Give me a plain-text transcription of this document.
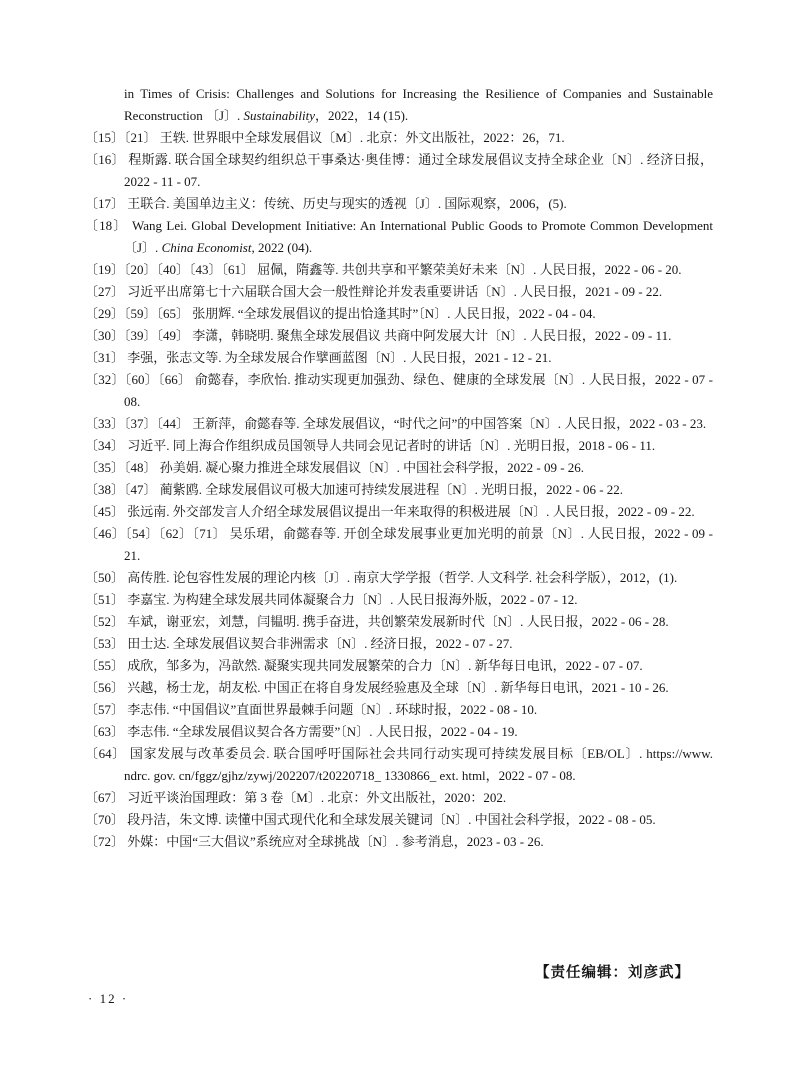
in Times of Crisis: Challenges and Solutions for Increasing the Resilience of Companies and Sustainable Reconstruction 〔J〕. Sustainability，2022，14 (15).
〔15〕〔21〕 王轶. 世界眼中全球发展倡议〔M〕. 北京：外文出版社，2022：26，71.
〔16〕 程斯露. 联合国全球契约组织总干事桑达·奥佳博：通过全球发展倡议支持全球企业〔N〕. 经济日报，2022 - 11 - 07.
〔17〕 王联合. 美国单边主义：传统、历史与现实的透视〔J〕. 国际观察，2006，(5).
〔18〕 Wang Lei. Global Development Initiative: An International Public Goods to Promote Common Development 〔J〕. China Economist, 2022 (04).
〔19〕〔20〕〔40〕〔43〕〔61〕 屈佩，隋鑫等. 共创共享和平繁荣美好未来〔N〕. 人民日报，2022 - 06 - 20.
〔27〕 习近平出席第七十六届联合国大会一般性辩论并发表重要讲话〔N〕. 人民日报，2021 - 09 - 22.
〔29〕〔59〕〔65〕 张朋辉. “全球发展倡议的提出恰逢其时”〔N〕. 人民日报，2022 - 04 - 04.
〔30〕〔39〕〔49〕 李潇，韩晓明. 聚焦全球发展倡议 共商中阿发展大计〔N〕. 人民日报，2022 - 09 - 11.
〔31〕 李强，张志文等. 为全球发展合作擘画蓝图〔N〕. 人民日报，2021 - 12 - 21.
〔32〕〔60〕〔66〕 俞懿春，李欣怡. 推动实现更加强劲、绿色、健康的全球发展〔N〕. 人民日报，2022 - 07 - 08.
〔33〕〔37〕〔44〕 王新萍，俞懿春等. 全球发展倡议，“时代之问”的中国答案〔N〕. 人民日报，2022 - 03 - 23.
〔34〕 习近平. 同上海合作组织成员国领导人共同会见记者时的讲话〔N〕. 光明日报，2018 - 06 - 11.
〔35〕〔48〕 孙美娟. 凝心聚力推进全球发展倡议〔N〕. 中国社会科学报，2022 - 09 - 26.
〔38〕〔47〕 蔺紫鸥. 全球发展倡议可极大加速可持续发展进程〔N〕. 光明日报，2022 - 06 - 22.
〔45〕 张远南. 外交部发言人介绍全球发展倡议提出一年来取得的积极进展〔N〕. 人民日报，2022 - 09 - 22.
〔46〕〔54〕〔62〕〔71〕 吴乐珺，俞懿春等. 开创全球发展事业更加光明的前景〔N〕. 人民日报，2022 - 09 - 21.
〔50〕 高传胜. 论包容性发展的理论内核〔J〕. 南京大学学报（哲学. 人文科学. 社会科学版），2012，(1).
〔51〕 李嘉宝. 为构建全球发展共同体凝聚合力〔N〕. 人民日报海外版，2022 - 07 - 12.
〔52〕 车斌，谢亚宏，刘慧，闫韫明. 携手奋进，共创繁荣发展新时代〔N〕. 人民日报，2022 - 06 - 28.
〔53〕 田士达. 全球发展倡议契合非洲需求〔N〕. 经济日报，2022 - 07 - 27.
〔55〕 成欣，邹多为，冯歆然. 凝聚实现共同发展繁荣的合力〔N〕. 新华每日电讯，2022 - 07 - 07.
〔56〕 兴越，杨士龙，胡友松. 中国正在将自身发展经验惠及全球〔N〕. 新华每日电讯，2021 - 10 - 26.
〔57〕 李志伟. “中国倡议”直面世界最棘手问题〔N〕. 环球时报，2022 - 08 - 10.
〔63〕 李志伟. “全球发展倡议契合各方需要”〔N〕. 人民日报，2022 - 04 - 19.
〔64〕 国家发展与改革委员会. 联合国呼吁国际社会共同行动实现可持续发展目标〔EB/OL〕. https://www. ndrc. gov. cn/fggz/gjhz/zywj/202207/t20220718_ 1330866_ ext. html，2022 - 07 - 08.
〔67〕 习近平谈治国理政：第 3 卷〔M〕. 北京：外文出版社，2020：202.
〔70〕 段丹洁，朱文博. 读懂中国式现代化和全球发展关键词〔N〕. 中国社会科学报，2022 - 08 - 05.
〔72〕 外媒：中国“三大倡议”系统应对全球挑战〔N〕. 参考消息，2023 - 03 - 26.
【责任编辑：刘彦武】
· 12 ·
